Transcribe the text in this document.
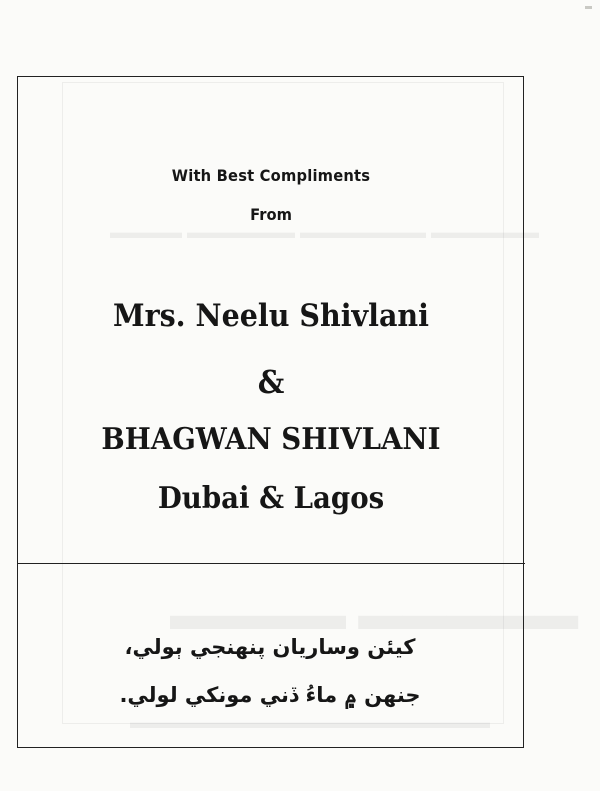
▬▬▬▬ ▬▬▬▬▬▬ ▬▬▬▬▬▬▬ ▬▬▬▬▬▬
▬▬▬▬ ▬▬▬▬▬
▬▬▬▬▬▬▬▬▬▬▬▬▬▬▬▬▬▬▬▬
With Best Compliments
From
Mrs. Neelu Shivlani
&
BHAGWAN SHIVLANI
Dubai & Lagos
كيئن وساريان پنهنجي ٻولي،
جنهن ۾ ماءُ ڏني مونکي لولي.
